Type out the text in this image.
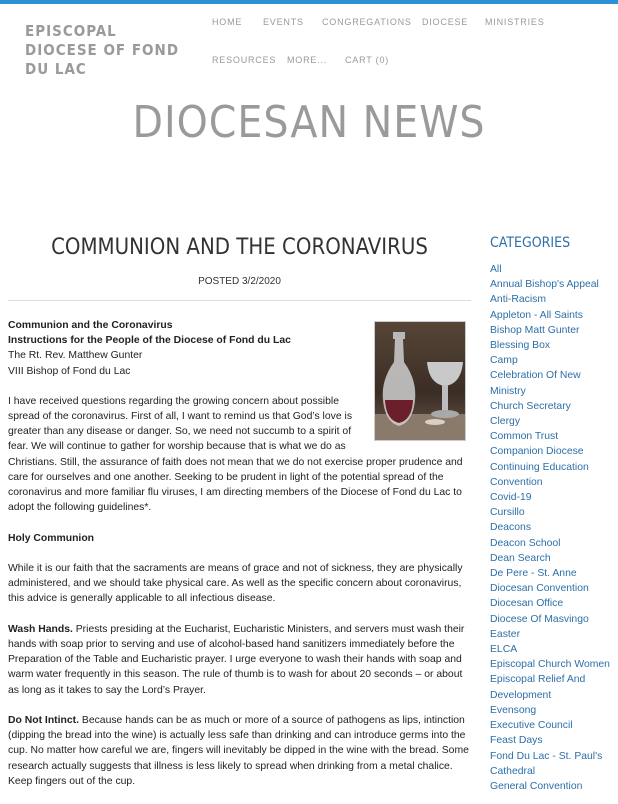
EPISCOPAL DIOCESE OF FOND DU LAC
HOME EVENTS CONGREGATIONS DIOCESE MINISTRIES
RESOURCES MORE... CART (0)
DIOCESAN NEWS
COMMUNION AND THE CORONAVIRUS
POSTED 3/2/2020

Communion and the Coronavirus
Instructions for the People of the Diocese of Fond du Lac
The Rt. Rev. Matthew Gunter
VIII Bishop of Fond du Lac

I have received questions regarding the growing concern about possible spread of the coronavirus. First of all, I want to remind us that God’s love is greater than any disease or danger. So, we need not succumb to a spirit of fear. We will continue to gather for worship because that is what we do as Christians. Still, the assurance of faith does not mean that we do not exercise proper prudence and care for ourselves and one another. Seeking to be prudent in light of the potential spread of the coronavirus and more familiar flu viruses, I am directing members of the Diocese of Fond du Lac to adopt the following guidelines*.

Holy Communion

While it is our faith that the sacraments are means of grace and not of sickness, they are physically administered, and we should take physical care. As well as the specific concern about coronavirus, this advice is generally applicable to all infectious disease.

Wash Hands. Priests presiding at the Eucharist, Eucharistic Ministers, and servers must wash their hands with soap prior to serving and use of alcohol-based hand sanitizers immediately before the Preparation of the Table and Eucharistic prayer. I urge everyone to wash their hands with soap and warm water frequently in this season. The rule of thumb is to wash for about 20 seconds – or about as long as it takes to say the Lord’s Prayer.

Do Not Intinct. Because hands can be as much or more of a source of pathogens as lips, intinction (dipping the bread into the wine) is actually less safe than drinking and can introduce germs into the cup. No matter how careful we are, fingers will inevitably be dipped in the wine with the bread. Some research actually suggests that illness is less likely to spread when drinking from a metal chalice. Keep fingers out of the cup.

CATEGORIES
All
Annual Bishop's Appeal
Anti-Racism
Appleton - All Saints
Bishop Matt Gunter
Blessing Box
Camp
Celebration Of New Ministry
Church Secretary
Clergy
Common Trust
Companion Diocese
Continuing Education
Convention
Covid-19
Cursillo
Deacons
Deacon School
Dean Search
De Pere - St. Anne
Diocesan Convention
Diocesan Office
Diocese Of Masvingo
Easter
ELCA
Episcopal Church Women
Episcopal Relief And Development
Evensong
Executive Council
Feast Days
Fond Du Lac - St. Paul's Cathedral
General Convention
